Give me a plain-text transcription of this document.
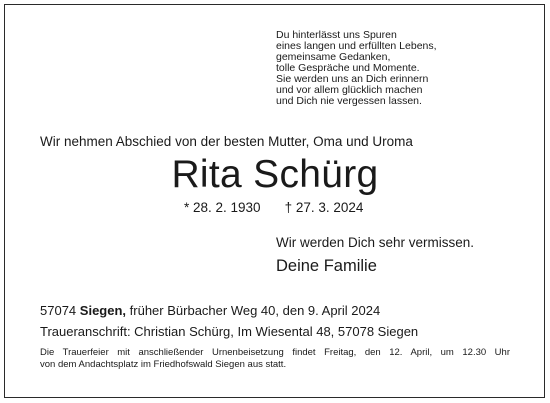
Du hinterlässt uns Spuren
eines langen und erfüllten Lebens,
gemeinsame Gedanken,
tolle Gespräche und Momente.
Sie werden uns an Dich erinnern
und vor allem glücklich machen
und Dich nie vergessen lassen.
Wir nehmen Abschied von der besten Mutter, Oma und Uroma
Rita Schürg
* 28. 2. 1930 † 27. 3. 2024
Wir werden Dich sehr vermissen.
Deine Familie
57074 Siegen, früher Bürbacher Weg 40, den 9. April 2024
Traueranschrift: Christian Schürg, Im Wiesental 48, 57078 Siegen
Die Trauerfeier mit anschließender Urnenbeisetzung findet Freitag, den 12. April, um 12.30 Uhr
von dem Andachtsplatz im Friedhofswald Siegen aus statt.
